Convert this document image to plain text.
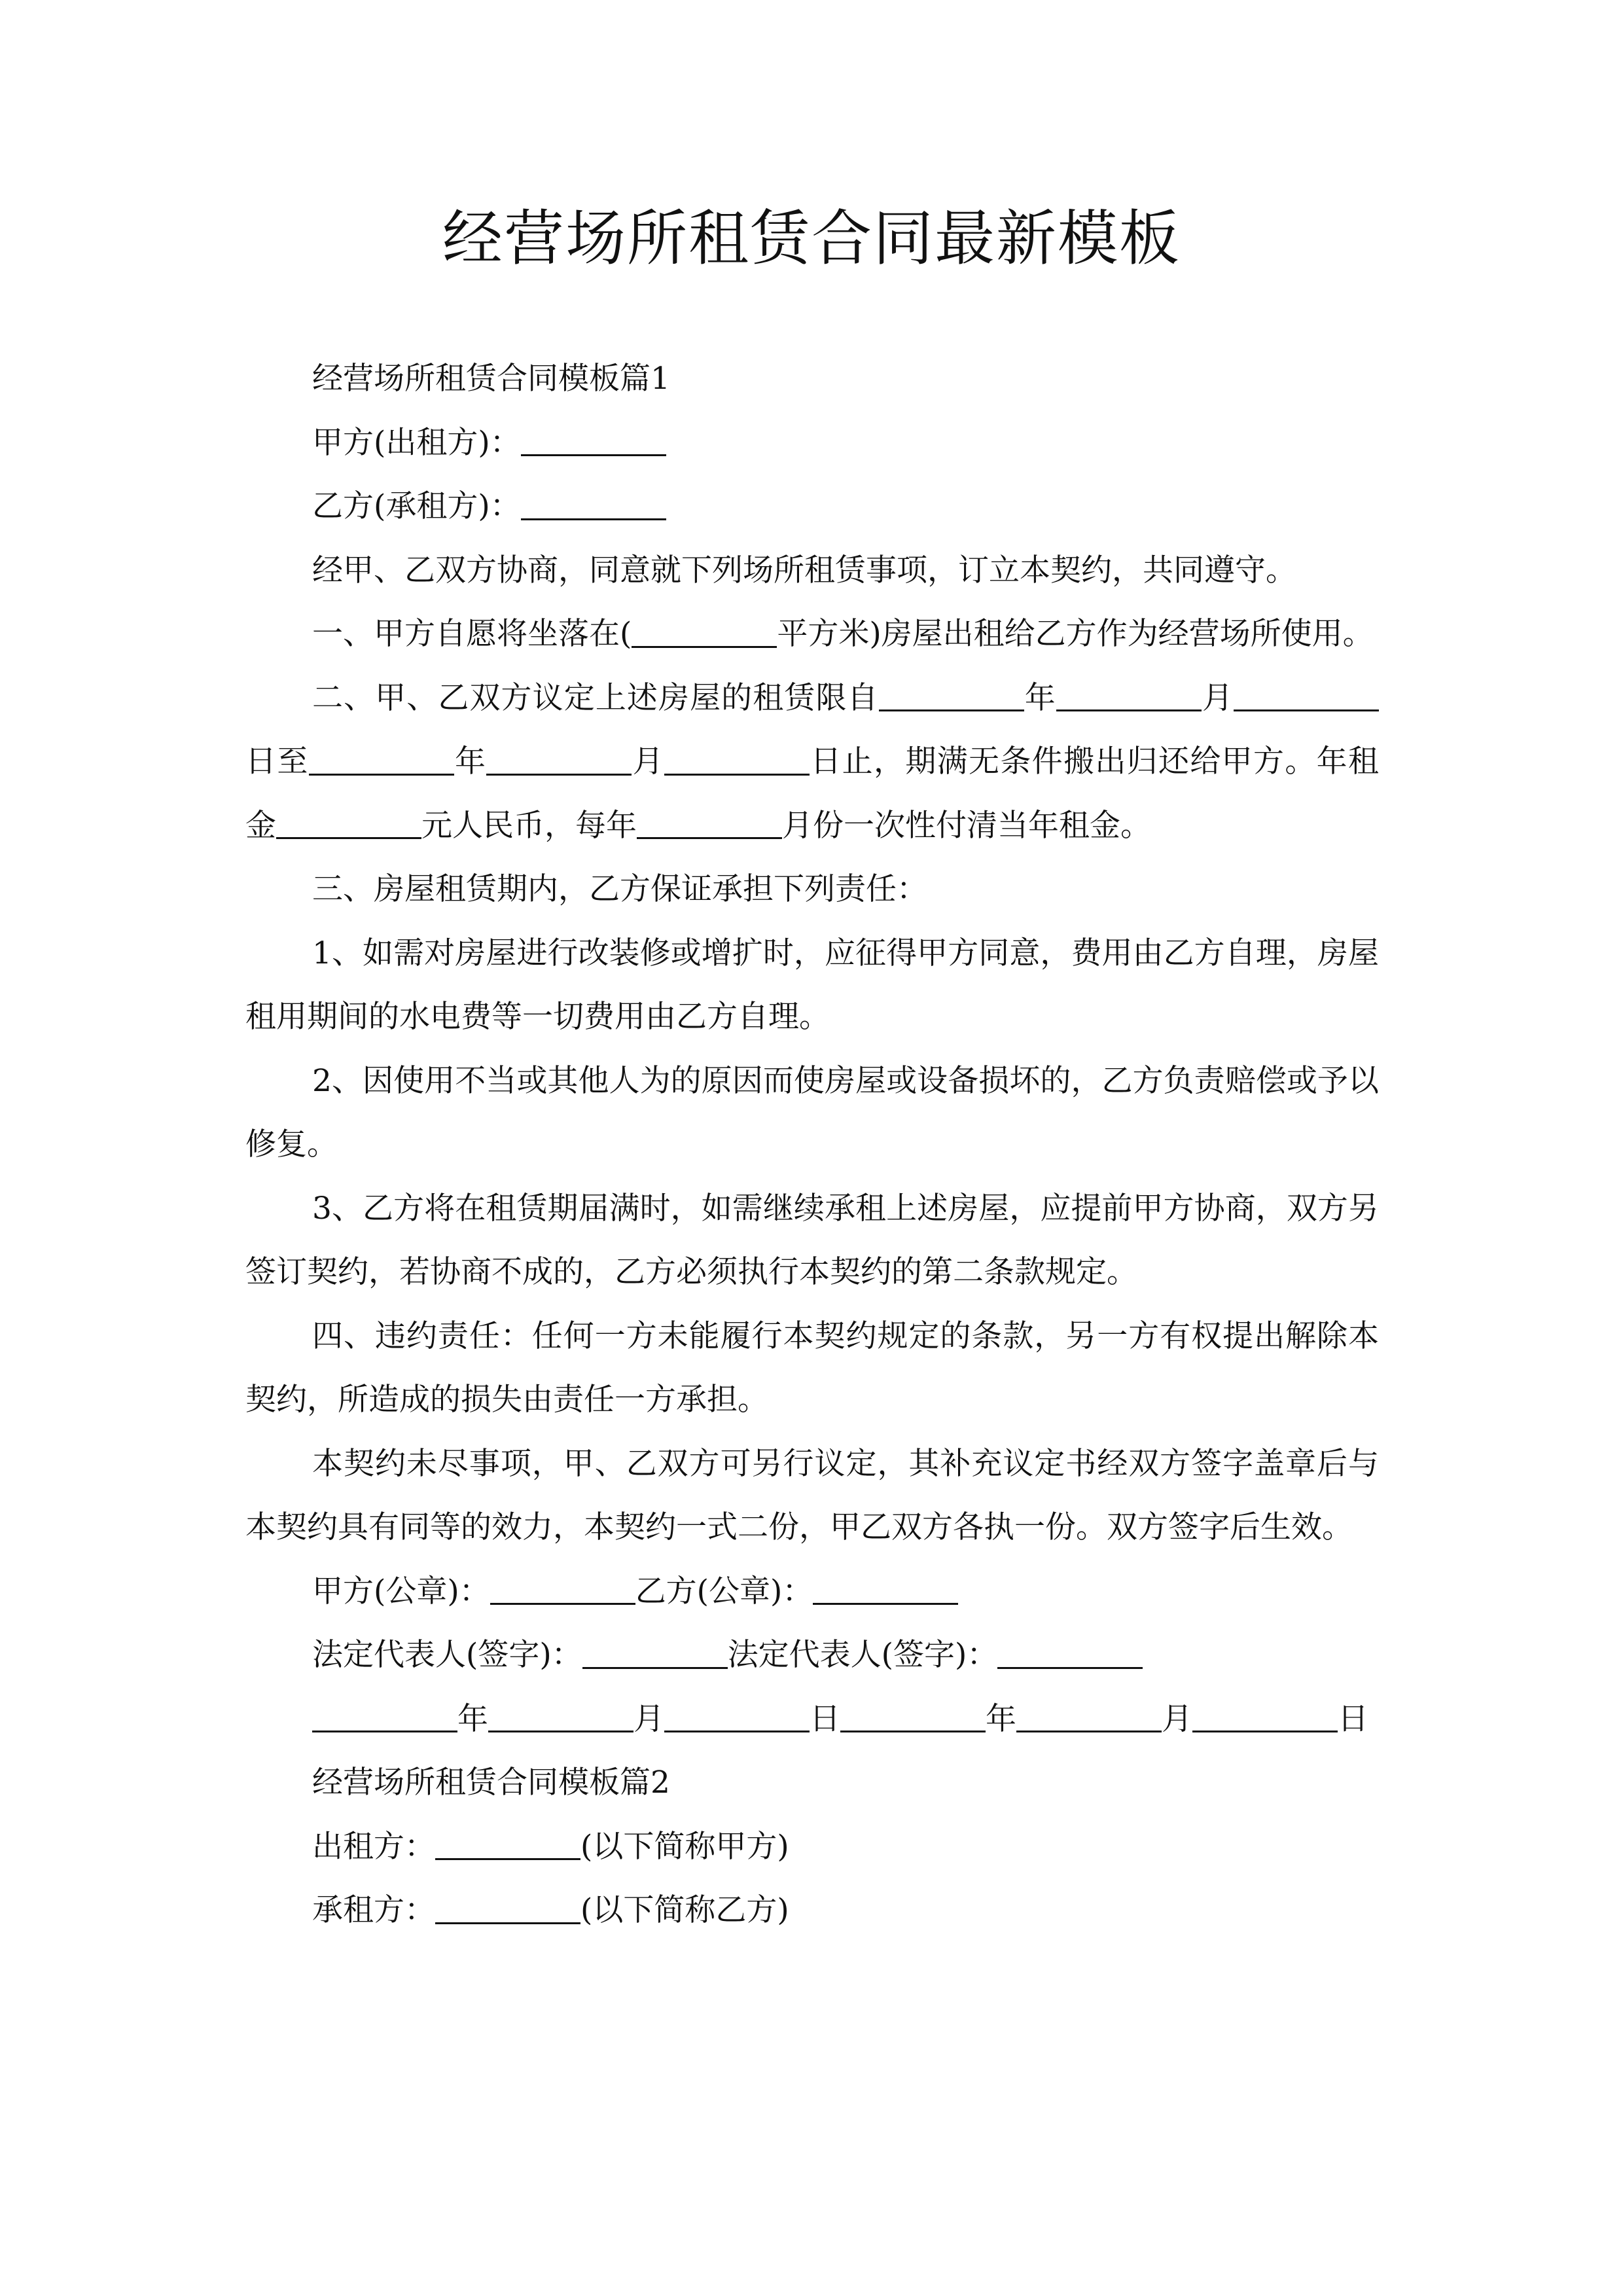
经营场所租赁合同最新模板

经营场所租赁合同模板篇1

甲方(出租方)：

乙方(承租方)：

经甲、乙双方协商，同意就下列场所租赁事项，订立本契约，共同遵守。

一、甲方自愿将坐落在(	平方米)房屋出租给乙方作为经营场所使用。

二、甲、乙双方议定上述房屋的租赁限自	年	月日至	年	月	日止，期满无条件搬出归还给甲方。年租金	元人民币，每年	月份一次性付清当年租金。

三、房屋租赁期内，乙方保证承担下列责任：

1、如需对房屋进行改装修或增扩时，应征得甲方同意，费用由乙方自理，房屋租用期间的水电费等一切费用由乙方自理。

2、因使用不当或其他人为的原因而使房屋或设备损坏的，乙方负责赔偿或予以修复。

3、乙方将在租赁期届满时，如需继续承租上述房屋，应提前甲方协商，双方另签订契约，若协商不成的，乙方必须执行本契约的第二条款规定。

四、违约责任：任何一方未能履行本契约规定的条款，另一方有权提出解除本契约，所造成的损失由责任一方承担。

本契约未尽事项，甲、乙双方可另行议定，其补充议定书经双方签字盖章后与本契约具有同等的效力，本契约一式二份，甲乙双方各执一份。双方签字后生效。

甲方(公章)：	乙方(公章)：

法定代表人(签字)：	法定代表人(签字)：

年	月	日	年	月	日

经营场所租赁合同模板篇2

出租方：	(以下简称甲方)

承租方：	(以下简称乙方)
